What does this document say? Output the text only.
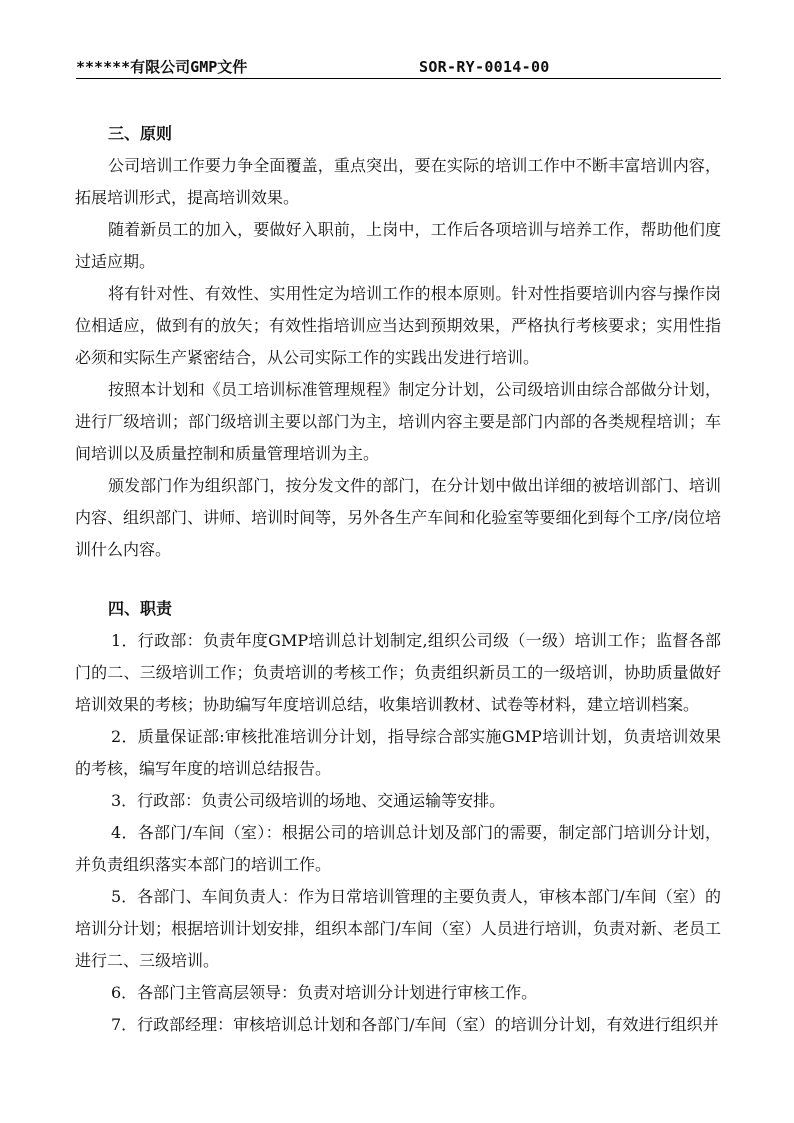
******有限公司GMP文件	SOR-RY-0014-00
三、原则

公司培训工作要力争全面覆盖，重点突出，要在实际的培训工作中不断丰富培训内容，拓展培训形式，提高培训效果。

随着新员工的加入，要做好入职前，上岗中，工作后各项培训与培养工作，帮助他们度过适应期。

将有针对性、有效性、实用性定为培训工作的根本原则。针对性指要培训内容与操作岗位相适应，做到有的放矢；有效性指培训应当达到预期效果，严格执行考核要求；实用性指必须和实际生产紧密结合，从公司实际工作的实践出发进行培训。

按照本计划和《员工培训标准管理规程》制定分计划，公司级培训由综合部做分计划，进行厂级培训；部门级培训主要以部门为主，培训内容主要是部门内部的各类规程培训；车间培训以及质量控制和质量管理培训为主。

颁发部门作为组织部门，按分发文件的部门，在分计划中做出详细的被培训部门、培训内容、组织部门、讲师、培训时间等，另外各生产车间和化验室等要细化到每个工序/岗位培训什么内容。

四、职责

1．行政部：负责年度GMP培训总计划制定,组织公司级（一级）培训工作；监督各部门的二、三级培训工作；负责培训的考核工作；负责组织新员工的一级培训，协助质量做好培训效果的考核；协助编写年度培训总结，收集培训教材、试卷等材料，建立培训档案。

2．质量保证部:审核批准培训分计划，指导综合部实施GMP培训计划，负责培训效果的考核，编写年度的培训总结报告。

3．行政部：负责公司级培训的场地、交通运输等安排。

4．各部门/车间（室）：根据公司的培训总计划及部门的需要，制定部门培训分计划，并负责组织落实本部门的培训工作。

5．各部门、车间负责人：作为日常培训管理的主要负责人，审核本部门/车间（室）的培训分计划；根据培训计划安排，组织本部门/车间（室）人员进行培训，负责对新、老员工进行二、三级培训。

6．各部门主管高层领导：负责对培训分计划进行审核工作。

7．行政部经理：审核培训总计划和各部门/车间（室）的培训分计划，有效进行组织并
